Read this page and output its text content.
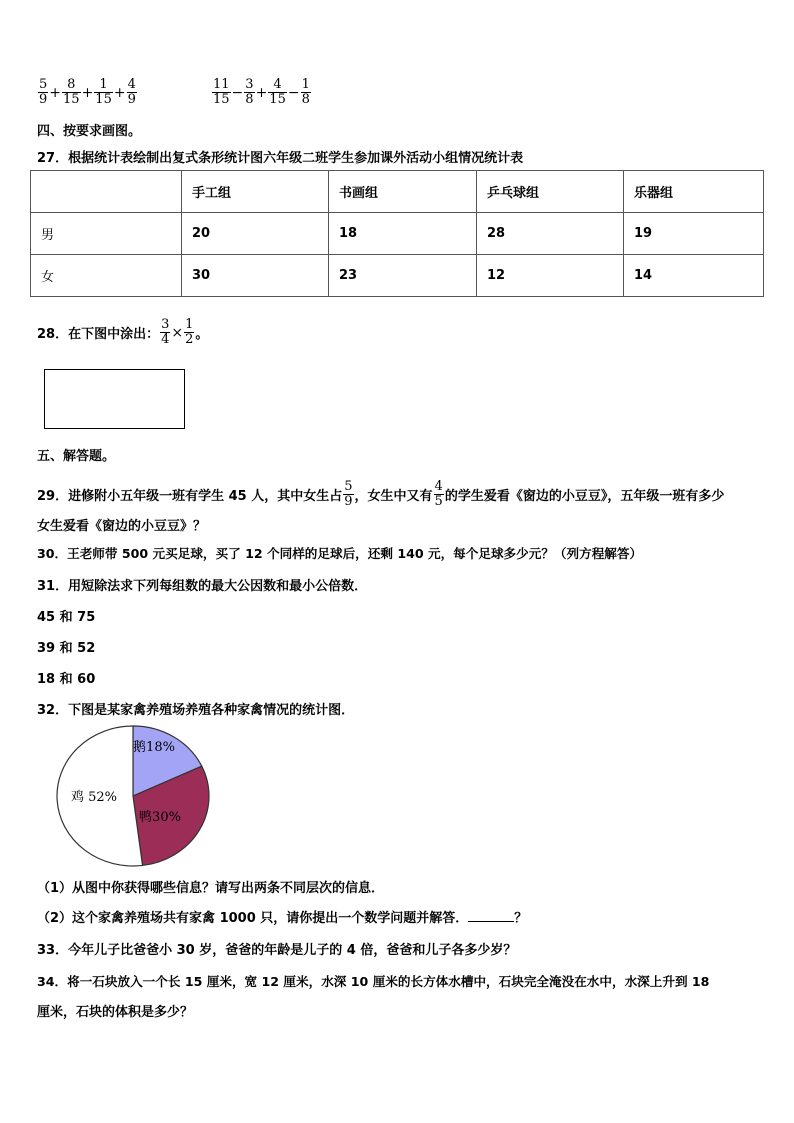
$\frac{5}{9} + \frac{8}{15} + \frac{1}{15} + \frac{4}{9}$	$\frac{11}{15} - \frac{3}{8} + \frac{4}{15} - \frac{1}{8}$
四、按要求画图。
27．根据统计表绘制出复式条形统计图六年级二班学生参加课外活动小组情况统计表
	手工组	书画组	乒乓球组	乐器组
男	20	18	28	19
女	30	23	12	14
28．在下图中涂出： $\frac{3}{4} \times \frac{1}{2}$ 。
五、解答题。
29．进修附小五年级一班有学生 45 人，其中女生占 $\frac{5}{9}$ ，女生中又有 $\frac{4}{5}$ 的学生爱看《窗边的小豆豆》，五年级一班有多少
女生爱看《窗边的小豆豆》？
30．王老师带 500 元买足球，买了 12 个同样的足球后，还剩 140 元，每个足球多少元？（列方程解答）
31．用短除法求下列每组数的最大公因数和最小公倍数．
45 和 75
39 和 52
18 和 60
32．下图是某家禽养殖场养殖各种家禽情况的统计图．
鹅18%
鸭30%
鸡 52%
（1）从图中你获得哪些信息？请写出两条不同层次的信息．
（2）这个家禽养殖场共有家禽 1000 只，请你提出一个数学问题并解答．	？
33．今年儿子比爸爸小 30 岁，爸爸的年龄是儿子的 4 倍，爸爸和儿子各多少岁？
34．将一石块放入一个长 15 厘米，宽 12 厘米，水深 10 厘米的长方体水槽中，石块完全淹没在水中，水深上升到 18
厘米，石块的体积是多少？
